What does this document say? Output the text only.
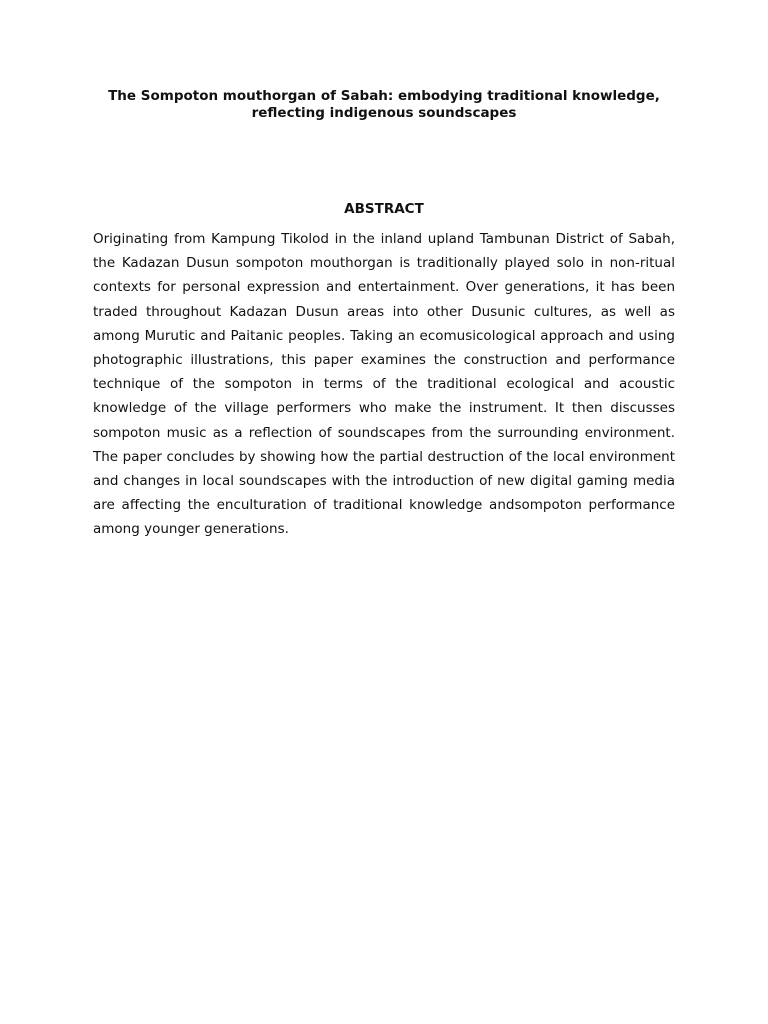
The Sompoton mouthorgan of Sabah: embodying traditional knowledge,
reflecting indigenous soundscapes
ABSTRACT

Originating from Kampung Tikolod in the inland upland Tambunan District of Sabah, the Kadazan Dusun sompoton mouthorgan is traditionally played solo in non-ritual contexts for personal expression and entertainment. Over generations, it has been traded throughout Kadazan Dusun areas into other Dusunic cultures, as well as among Murutic and Paitanic peoples. Taking an ecomusicological approach and using photographic illustrations, this paper examines the construction and performance technique of the sompoton in terms of the traditional ecological and acoustic knowledge of the village performers who make the instrument. It then discusses sompoton music as a reflection of soundscapes from the surrounding environment. The paper concludes by showing how the partial destruction of the local environment and changes in local soundscapes with the introduction of new digital gaming media are affecting the enculturation of traditional knowledge andsompoton performance among younger generations.
